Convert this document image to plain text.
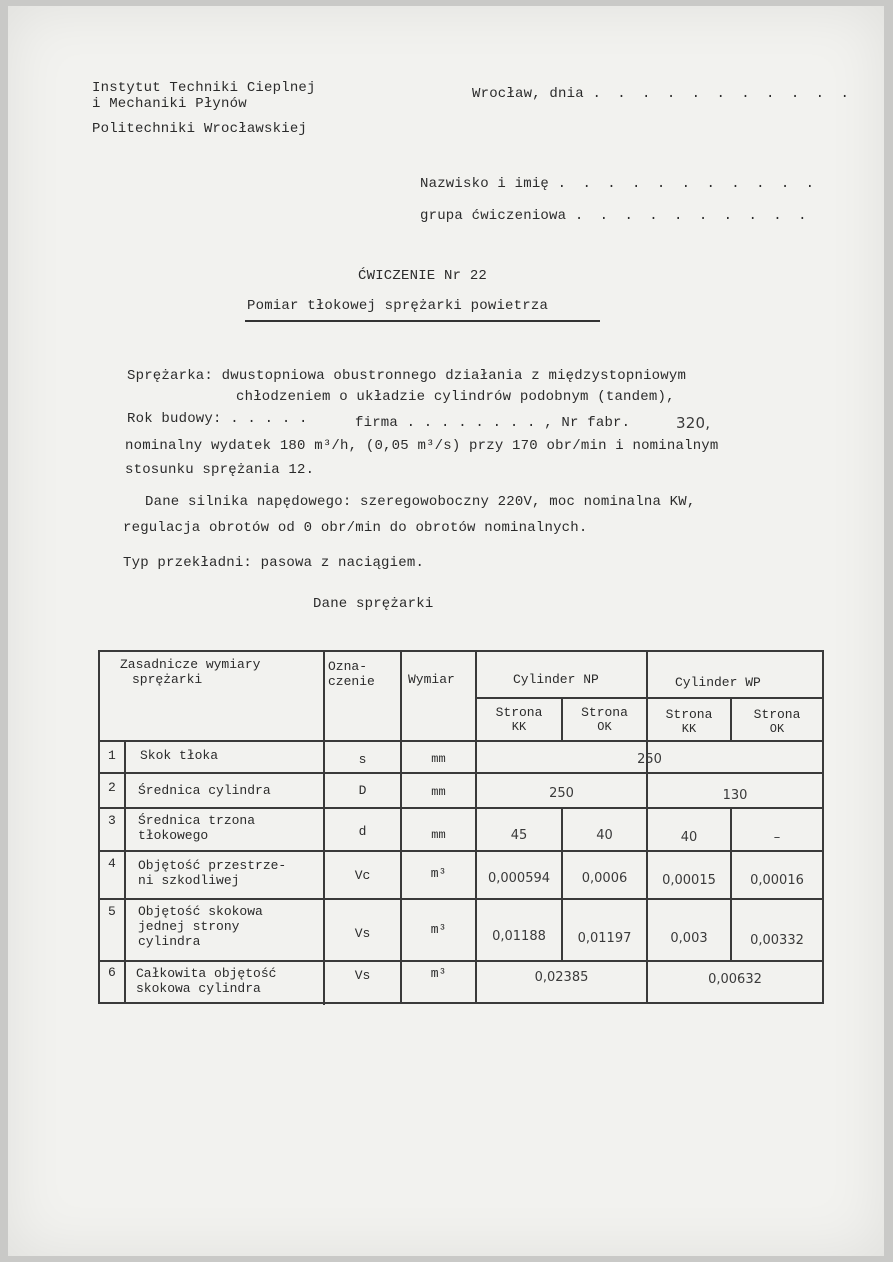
Instytut Techniki Cieplnej
i Mechaniki Płynów
Politechniki Wrocławskiej
Wrocław, dnia . . . . . . . . . . .
Nazwisko i imię . . . . . . . . . . .
grupa ćwiczeniowa . . . . . . . . . .
ĆWICZENIE Nr 22
Pomiar tłokowej sprężarki powietrza
Sprężarka: dwustopniowa obustronnego działania z międzystopniowym
chłodzeniem o układzie cylindrów podobnym (tandem),
Rok budowy: . . . . .	firma . . . . . . . . , Nr fabr.	320,
nominalny wydatek 180 m³/h, (0,05 m³/s) przy 170 obr/min i nominalnym
stosunku sprężania 12.
Dane silnika napędowego: szeregowoboczny 220V, moc nominalna KW,
regulacja obrotów od 0 obr/min do obrotów nominalnych.
Typ przekładni: pasowa z naciągiem.
Dane sprężarki
Zasadnicze wymiary
sprężarki
Ozna-
czenie	Wymiar	Cylinder NP	Cylinder WP
Strona
KK
Strona
OK
Strona
KK
Strona
OK
1 Skok tłoka	s	mm	250
2 Średnica cylindra	D	mm	250	130
3 Średnica trzona
tłokowego	d	mm	45	40	40	–
4 Objętość przestrze-
ni szkodliwej	Vc	m³	0,000594	0,0006	0,00015	0,00016
5 Objętość skokowa
jednej strony
cylindra
Vs	m³	0,01188	0,01197	0,003	0,00332
6 Całkowita objętość
skokowa cylindra
Vs	m³	0,02385	0,00632
